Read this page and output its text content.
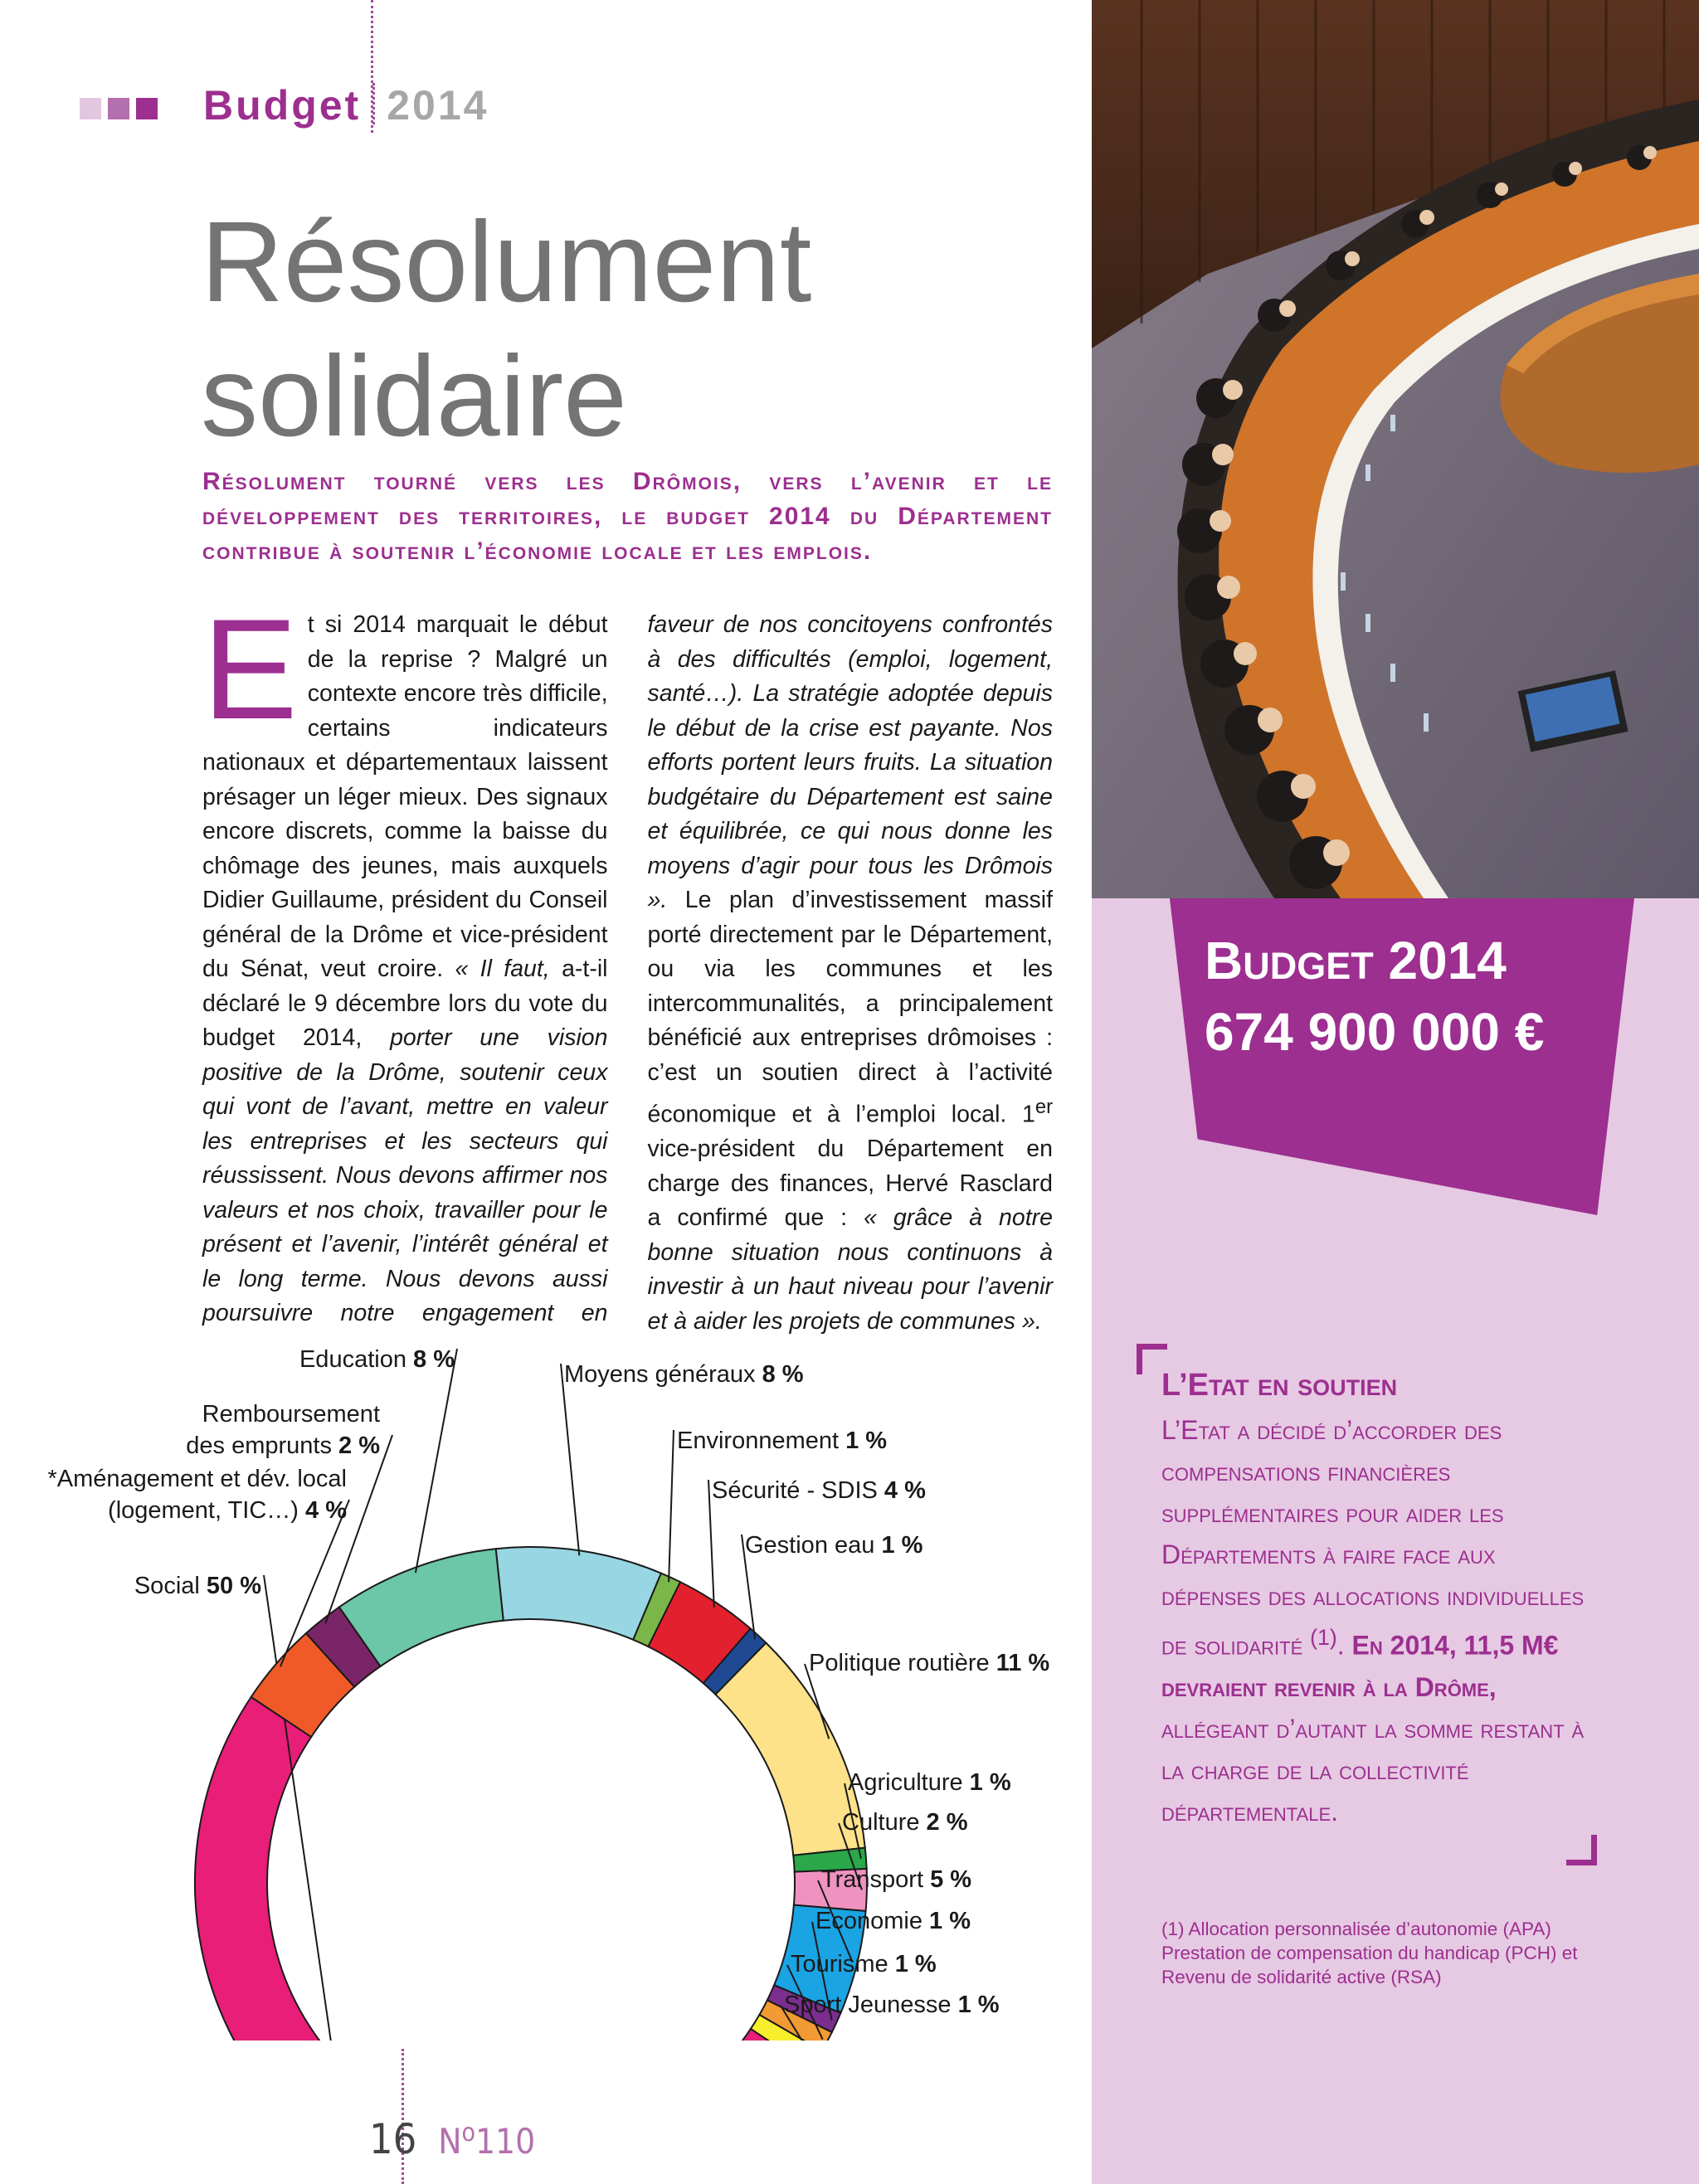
Budget 2014
Résolument
solidaire

Résolument tourné vers les Drômois, vers l’avenir et le développement des territoires, le budget 2014 du Département contribue à soutenir l’économie locale et les emplois.

Et si 2014 marquait le début de la reprise ? Malgré un contexte encore très difficile, certains indicateurs nationaux et départementaux laissent présager un léger mieux. Des signaux encore discrets, comme la baisse du chômage des jeunes, mais auxquels Didier Guillaume, président du Conseil général de la Drôme et vice-président du Sénat, veut croire. « Il faut, a-t-il déclaré le 9 décembre lors du vote du budget 2014, porter une vision positive de la Drôme, soutenir ceux qui vont de l’avant, mettre en valeur les entreprises et les secteurs qui réussissent. Nous devons affirmer nos valeurs et nos choix, travailler pour le présent et l’avenir, l’intérêt général et le long terme. Nous devons aussi poursuivre notre engagement en faveur de nos concitoyens confrontés à des difficultés (emploi, logement, santé…). La stratégie adoptée depuis le début de la crise est payante. Nos efforts portent leurs fruits. La situation budgétaire du Département est saine et équilibrée, ce qui nous donne les moyens d’agir pour tous les Drômois ». Le plan d’investissement massif porté directement par le Département, ou via les communes et les intercommunalités, a principalement bénéficié aux entreprises drômoises : c’est un soutien direct à l’activité économique et à l’emploi local. 1er vice-président du Département en charge des finances, Hervé Rasclard a confirmé que : « grâce à notre bonne situation nous continuons à investir à un haut niveau pour l’avenir et à aider les projets de communes ».

Budget 2014
674 900 000 €
L’Etat en soutien
L’Etat a décidé d’accorder des compensations financières supplémentaires pour aider les Départements à faire face aux dépenses des allocations individuelles de solidarité $^{(1)}$. En 2014, 11,5 M€ devraient revenir à la Drôme, allégeant d’autant la somme restant à la charge de la collectivité départementale.
(1) Allocation personnalisée d’autonomie (APA) Prestation de compensation du handicap (PCH) et Revenu de solidarité active (RSA)
Moyens généraux 8 %
Environnement 1 %
Sécurité - SDIS 4 %
Gestion eau 1 %
Politique routière 11 %
Agriculture 1 %
Culture 2 %
Transport 5 %
Economie 1 %
Tourisme 1 %
Sport Jeunesse 1 %
Social 50 %
*Aménagement et dév. local (logement, TIC…) 4 %
Remboursement des emprunts 2 %
Education 8 %
16 $N^o110$
